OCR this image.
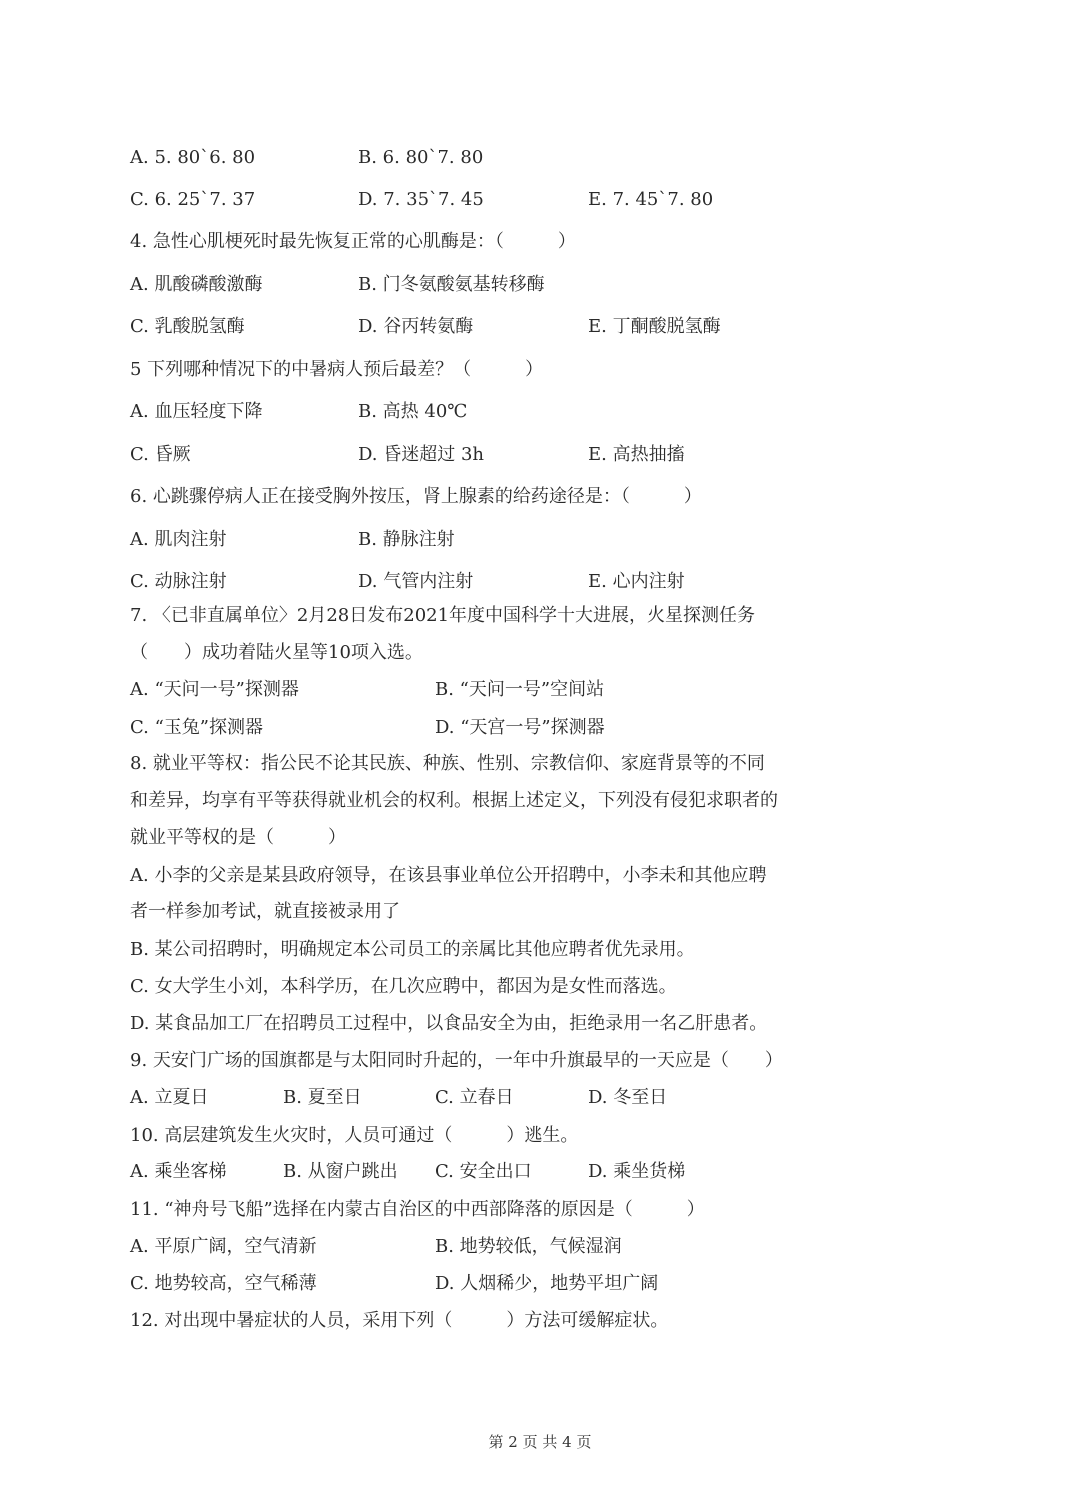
A. 5. 80`6. 80	B. 6. 80`7. 80
C. 6. 25`7. 37	D. 7. 35`7. 45	E. 7. 45`7. 80
4. 急性心肌梗死时最先恢复正常的心肌酶是：（　　　）
A. 肌酸磷酸激酶	B. 门冬氨酸氨基转移酶
C. 乳酸脱氢酶	D. 谷丙转氨酶	E. 丁酮酸脱氢酶
5 下列哪种情况下的中暑病人预后最差？（　　　）
A. 血压轻度下降	B. 高热 40℃
C. 昏厥	D. 昏迷超过 3h	E. 高热抽搐
6. 心跳骤停病人正在接受胸外按压，肾上腺素的给药途径是：（　　　）
A. 肌肉注射	B. 静脉注射
C. 动脉注射	D. 气管内注射	E. 心内注射
7. 〈已非直属单位〉2月28日发布2021年度中国科学十大进展，火星探测任务
（　　）成功着陆火星等10项入选。
A. “天问一号”探测器	B. “天问一号”空间站
C. “玉兔”探测器	D. “天宫一号”探测器
8. 就业平等权：指公民不论其民族、种族、性别、宗教信仰、家庭背景等的不同
和差异，均享有平等获得就业机会的权利。根据上述定义，下列没有侵犯求职者的
就业平等权的是（　　　）
A. 小李的父亲是某县政府领导，在该县事业单位公开招聘中，小李未和其他应聘
者一样参加考试，就直接被录用了
B. 某公司招聘时，明确规定本公司员工的亲属比其他应聘者优先录用。
C. 女大学生小刘，本科学历，在几次应聘中，都因为是女性而落选。
D. 某食品加工厂在招聘员工过程中，以食品安全为由，拒绝录用一名乙肝患者。
9. 天安门广场的国旗都是与太阳同时升起的，一年中升旗最早的一天应是（　　）
A. 立夏日	B. 夏至日	C. 立春日	D. 冬至日
10. 高层建筑发生火灾时，人员可通过（　　　）逃生。
A. 乘坐客梯	B. 从窗户跳出 C. 安全出口	D. 乘坐货梯
11. “神舟号飞船”选择在内蒙古自治区的中西部降落的原因是（　　　）
A. 平原广阔，空气清新	B. 地势较低，气候湿润
C. 地势较高，空气稀薄	D. 人烟稀少，地势平坦广阔
12. 对出现中暑症状的人员，采用下列（　　　）方法可缓解症状。
第 2 页 共 4 页
